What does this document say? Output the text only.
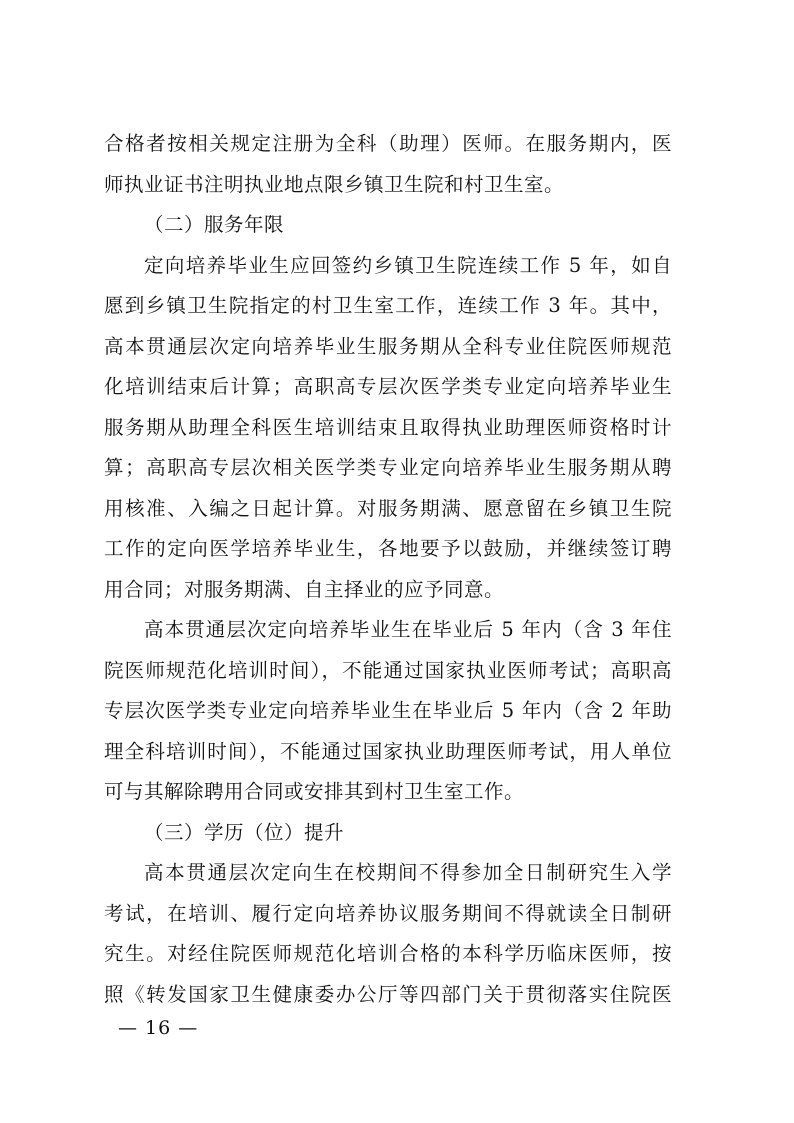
合格者按相关规定注册为全科（助理）医师。在服务期内，医
师执业证书注明执业地点限乡镇卫生院和村卫生室。
（二）服务年限
定向培养毕业生应回签约乡镇卫生院连续工作 5 年，如自
愿到乡镇卫生院指定的村卫生室工作，连续工作 3 年。其中，
高本贯通层次定向培养毕业生服务期从全科专业住院医师规范
化培训结束后计算；高职高专层次医学类专业定向培养毕业生
服务期从助理全科医生培训结束且取得执业助理医师资格时计
算；高职高专层次相关医学类专业定向培养毕业生服务期从聘
用核准、入编之日起计算。对服务期满、愿意留在乡镇卫生院
工作的定向医学培养毕业生，各地要予以鼓励，并继续签订聘
用合同；对服务期满、自主择业的应予同意。
高本贯通层次定向培养毕业生在毕业后 5 年内（含 3 年住
院医师规范化培训时间），不能通过国家执业医师考试；高职高
专层次医学类专业定向培养毕业生在毕业后 5 年内（含 2 年助
理全科培训时间），不能通过国家执业助理医师考试，用人单位
可与其解除聘用合同或安排其到村卫生室工作。
（三）学历（位）提升
高本贯通层次定向生在校期间不得参加全日制研究生入学
考试，在培训、履行定向培养协议服务期间不得就读全日制研
究生。对经住院医师规范化培训合格的本科学历临床医师，按
照《转发国家卫生健康委办公厅等四部门关于贯彻落实住院医
— 16 —
